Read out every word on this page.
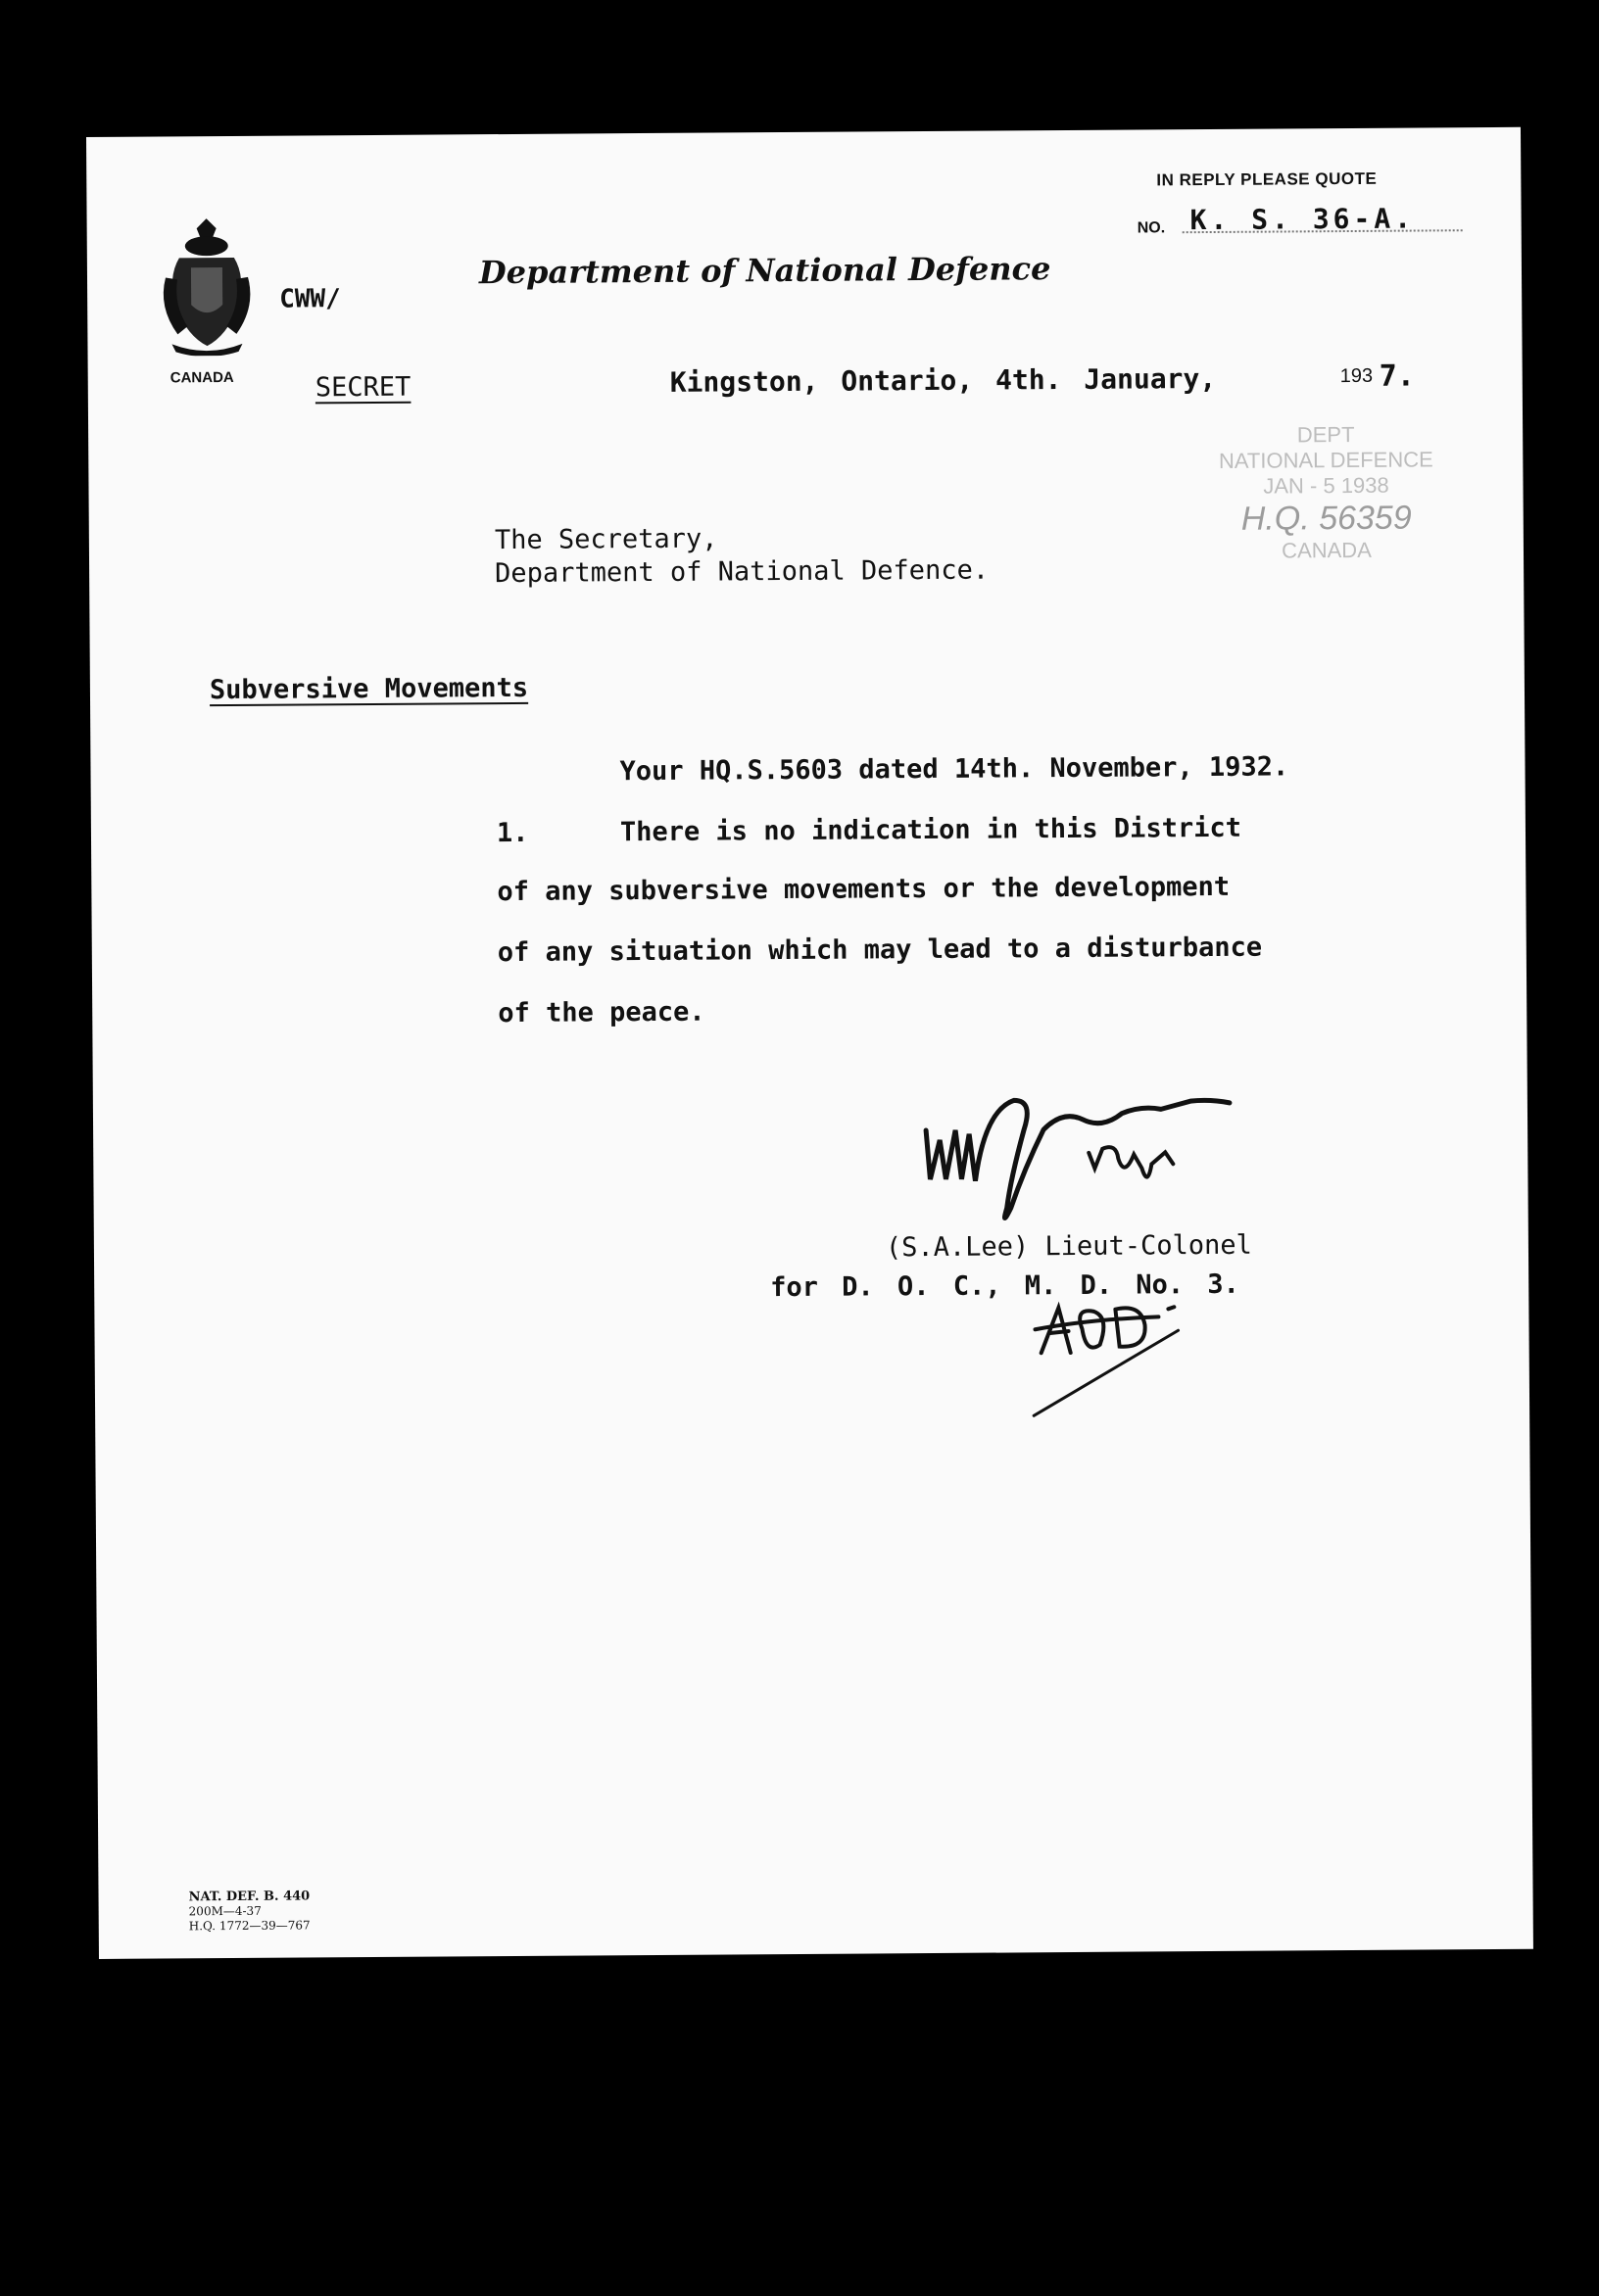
IN REPLY PLEASE QUOTE
NO. K. S. 36-A.
CANADA
CWW/
Department of National Defence
SECRET	Kingston, Ontario, 4th. January,	193 7.
DEPT
NATIONAL DEFENCE
JAN - 5 1938
H.Q. 56359
CANADA
The Secretary,
Department of National Defence.
Subversive Movements
Your HQ.S.5603 dated 14th. November, 1932.
1.	There is no indication in this District
of any subversive movements or the development
of any situation which may lead to a disturbance
of the peace.
(S.A.Lee) Lieut-Colonel
for D. O. C., M. D. No. 3.
NAT. DEF. B. 440
200M—4-37
H.Q. 1772—39—767
